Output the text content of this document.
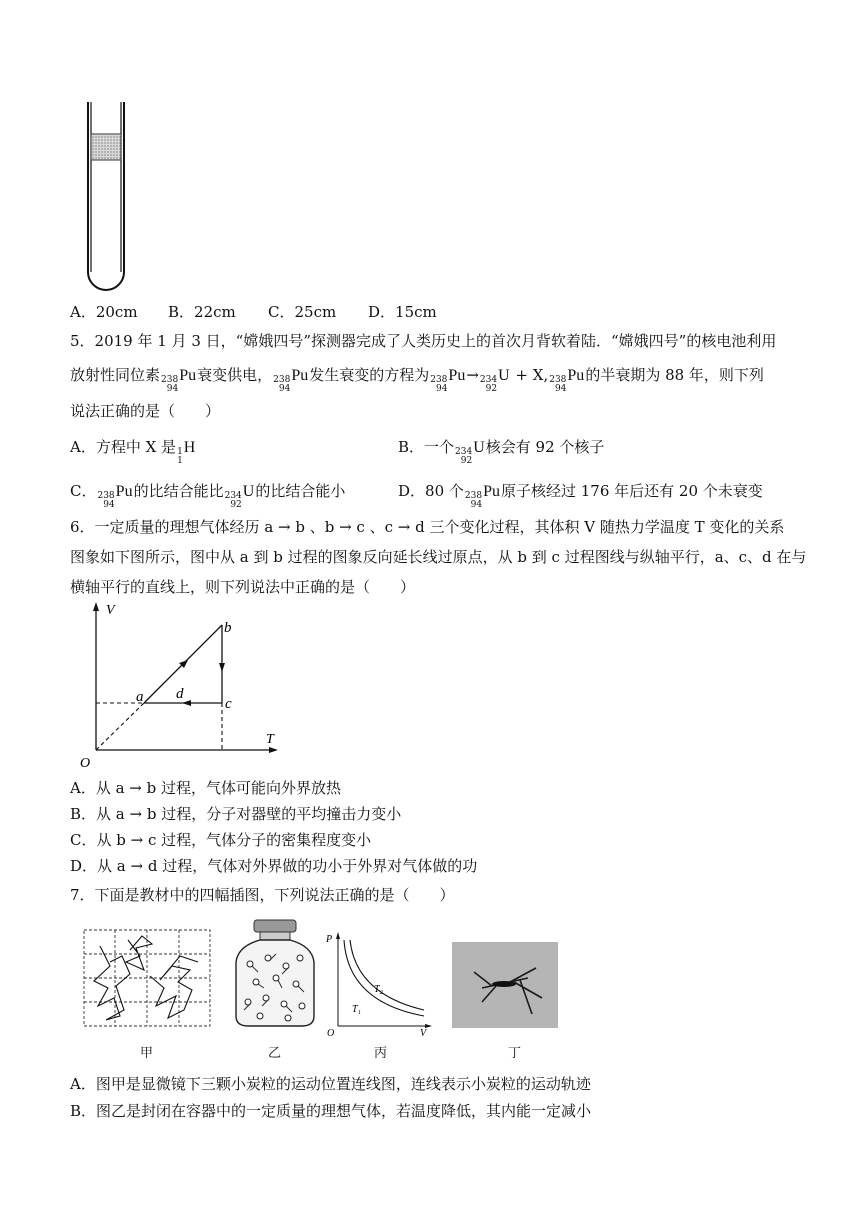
A．20cm B．22cm C．25cm D．15cm
5．2019 年 1 月 3 日，“嫦娥四号”探测器完成了人类历史上的首次月背软着陆．“嫦娥四号”的核电池利用
放射性同位素 238
94
Pu衰变供电， 238
94
Pu发生衰变的方程为 238
94
Pu→ 234
92
U + X, 238
94
Pu的半衰期为 88 年，则下列
说法正确的是（　　）
A．方程中 X 是 1
1
H	B．一个 234
92
U核会有 92 个核子
C． 238
94
Pu的比结合能比 234
92
U的比结合能小	D．80 个 238
94
Pu原子核经过 176 年后还有 20 个未衰变
6．一定质量的理想气体经历 a → b 、b → c 、c → d 三个变化过程，其体积 V 随热力学温度 T 变化的关系
图象如下图所示，图中从 a 到 b 过程的图象反向延长线过原点，从 b 到 c 过程图线与纵轴平行，a、c、d 在与
横轴平行的直线上，则下列说法中正确的是（　　）
V
T
O
a
b
c
d
A．从 a → b 过程，气体可能向外界放热
B．从 a → b 过程，分子对器壁的平均撞击力变小
C．从 b → c 过程，气体分子的密集程度变小
D．从 a → d 过程，气体对外界做的功小于外界对气体做的功
7．下面是教材中的四幅插图，下列说法正确的是（　　）
甲	乙
P
V
O
T₁
T₂
丙	丁
A．图甲是显微镜下三颗小炭粒的运动位置连线图，连线表示小炭粒的运动轨迹
B．图乙是封闭在容器中的一定质量的理想气体，若温度降低，其内能一定减小
